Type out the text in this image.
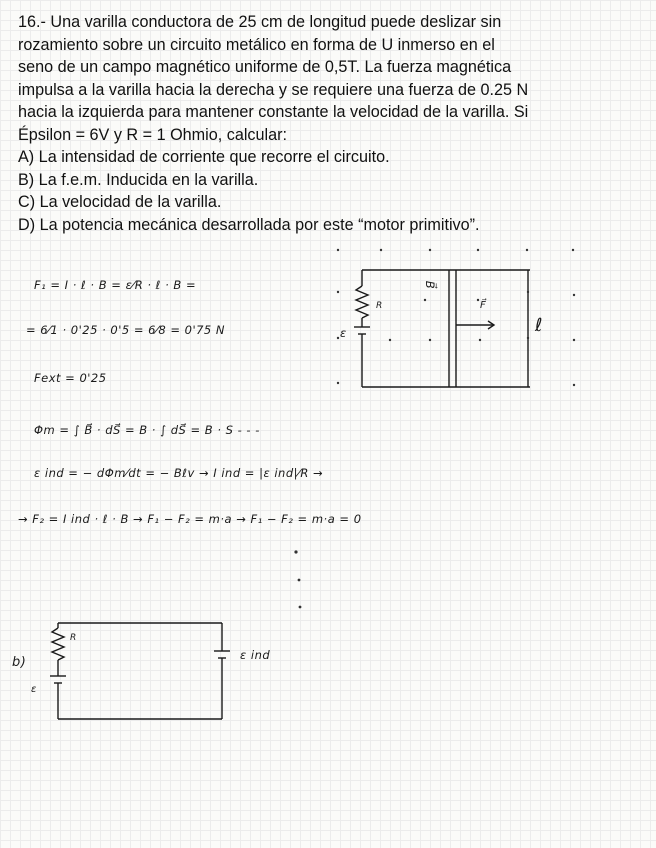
16.- Una varilla conductora de 25 cm de longitud puede deslizar sin

rozamiento sobre un circuito metálico en forma de U inmerso en el

seno de un campo magnético uniforme de 0,5T. La fuerza magnética

impulsa a la varilla hacia la derecha y se requiere una fuerza de 0.25 N

hacia la izquierda para mantener constante la velocidad de la varilla. Si

Épsilon = 6V y R = 1 Ohmio, calcular:

A) La intensidad de corriente que recorre el circuito.

B) La f.e.m. Inducida en la varilla.

C) La velocidad de la varilla.

D) La potencia mecánica desarrollada por este “motor primitivo”.

F₁ = I · ℓ · B = ε⁄R · ℓ · B =
= 6⁄1 · 0'25 · 0'5 = 6⁄8 = 0'75 N
Fext = 0'25
Φm = ∫ B⃗ · dS⃗ = B · ∫ dS⃗ = B · S - - -
ε ind = − dΦm⁄dt = − Bℓv → I ind = |ε ind|⁄R →
→ F₂ = I ind · ℓ · B → F₁ − F₂ = m·a → F₁ − F₂ = m·a = 0
B⃗
R
ε
F⃗
ℓ
b)
R
ε
ε ind
